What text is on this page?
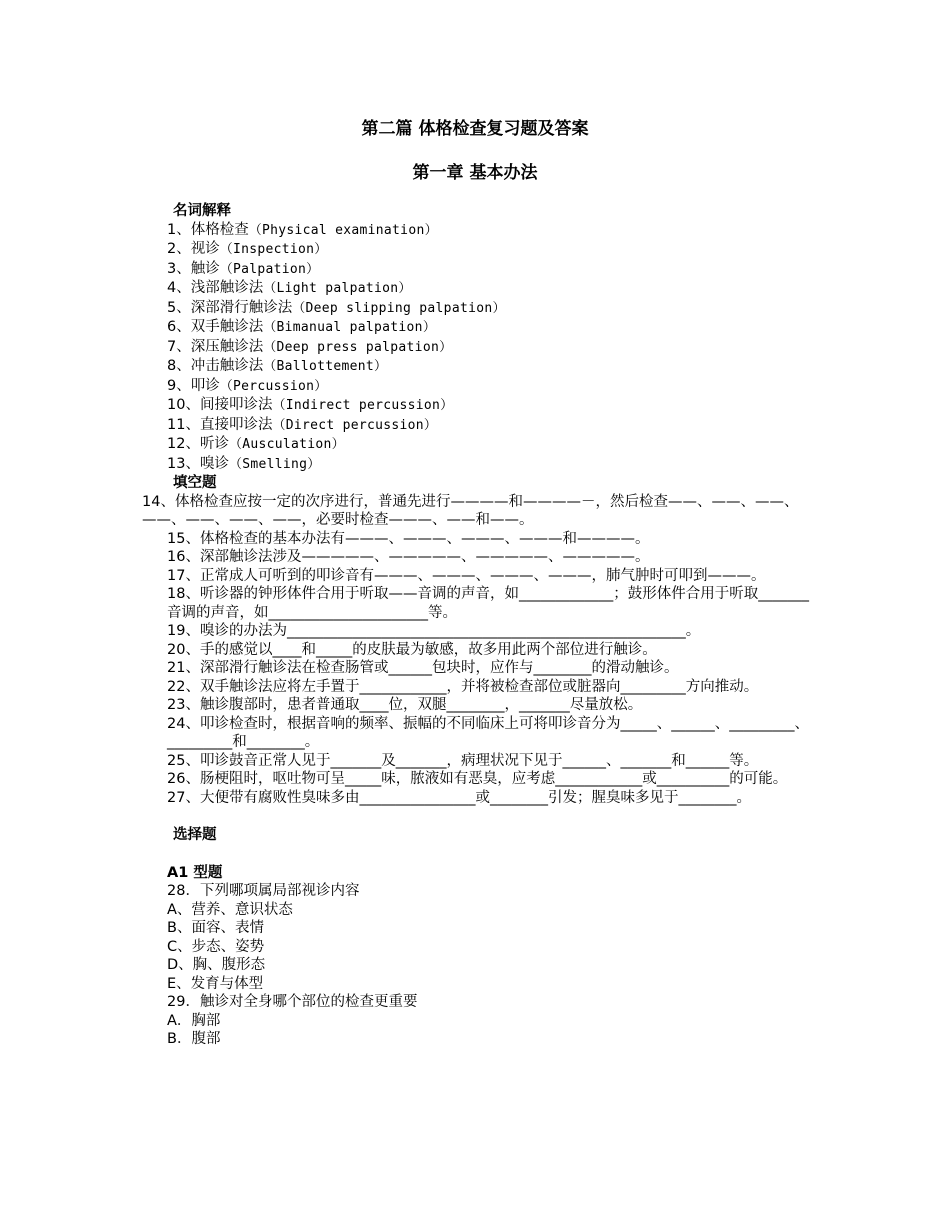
第二篇 体格检查复习题及答案
第一章 基本办法

名词解释

1、体格检查（Physical examination）

2、视诊（Inspection）

3、触诊（Palpation）

4、浅部触诊法（Light palpation）

5、深部滑行触诊法（Deep slipping palpation）

6、双手触诊法（Bimanual palpation）

7、深压触诊法（Deep press palpation）

8、冲击触诊法（Ballottement）

9、叩诊（Percussion）

10、间接叩诊法（Indirect percussion）

11、直接叩诊法（Direct percussion）

12、听诊（Ausculation）

13、嗅诊（Smelling）

填空题

14、体格检查应按一定的次序进行，普通先进行————和————－，然后检查——、——、——、——、——、——、——，必要时检查———、——和——。

15、体格检查的基本办法有———、———、———、———和————。

16、深部触诊法涉及—————、—————、—————、—————。

17、正常成人可听到的叩诊音有———、———、———、———，肺气肿时可叩到———。

18、听诊器的钟形体件合用于听取——音调的声音，如_____________；鼓形体件合用于听取_______音调的声音，如______________________等。

19、嗅诊的办法为_______________________________________________________。

20、手的感觉以____和_____的皮肤最为敏感，故多用此两个部位进行触诊。

21、深部滑行触诊法在检查肠管或______包块时，应作与________的滑动触诊。

22、双手触诊法应将左手置于____________，并将被检查部位或脏器向_________方向推动。

23、触诊腹部时，患者普通取____位，双腿________，_______尽量放松。

24、叩诊检查时，根据音响的频率、振幅的不同临床上可将叩诊音分为_____、______、_________、_________和________。

25、叩诊鼓音正常人见于_______及_______，病理状况下见于______、_______和______等。

26、肠梗阻时，呕吐物可呈_____味，脓液如有恶臭，应考虑____________或__________的可能。

27、大便带有腐败性臭味多由________________或________引发；腥臭味多见于________。

选择题

A1 型题

28．下列哪项属局部视诊内容

A、营养、意识状态

B、面容、表情

C、步态、姿势

D、胸、腹形态

E、发育与体型

29．触诊对全身哪个部位的检查更重要

A．胸部

B．腹部
